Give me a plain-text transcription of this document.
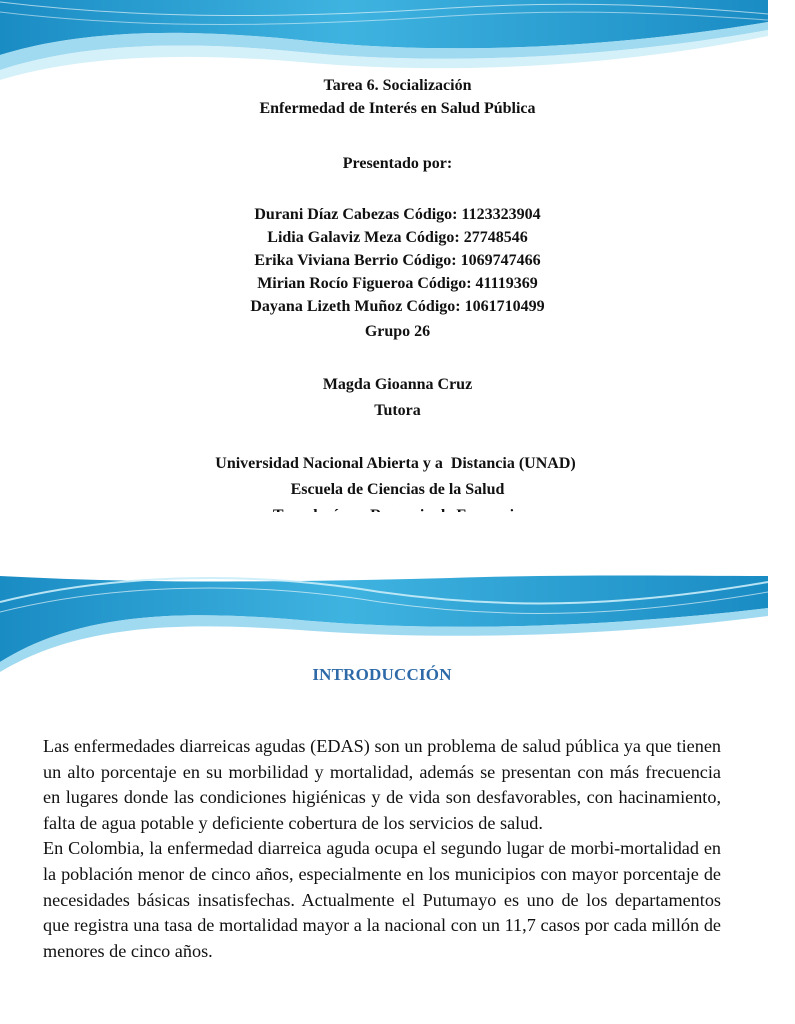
Tarea 6. Socialización
Enfermedad de Interés en Salud Pública
Presentado por:
Durani Díaz Cabezas Código: 1123323904
Lidia Galaviz Meza Código: 27748546
Erika Viviana Berrio Código: 1069747466
Mirian Rocío Figueroa Código: 41119369
Dayana Lizeth Muñoz Código: 1061710499
Grupo 26
Magda Gioanna Cruz
Tutora
Universidad Nacional Abierta y a  Distancia (UNAD)
Escuela de Ciencias de la Salud
INTRODUCCIÓN

Las enfermedades diarreicas agudas (EDAS) son un problema de salud pública ya que tienen un alto porcentaje en su morbilidad y mortalidad, además se presentan con más frecuencia en lugares donde las condiciones higiénicas y de vida son desfavorables, con hacinamiento, falta de agua potable y deficiente cobertura de los servicios de salud.

En Colombia, la enfermedad diarreica aguda ocupa el segundo lugar de morbi-mortalidad en la población menor de cinco años, especialmente en los municipios con mayor porcentaje de necesidades básicas insatisfechas. Actualmente el Putumayo es uno de los departamentos que registra una tasa de mortalidad mayor a la nacional con un 11,7 casos por cada millón de menores de cinco años.
